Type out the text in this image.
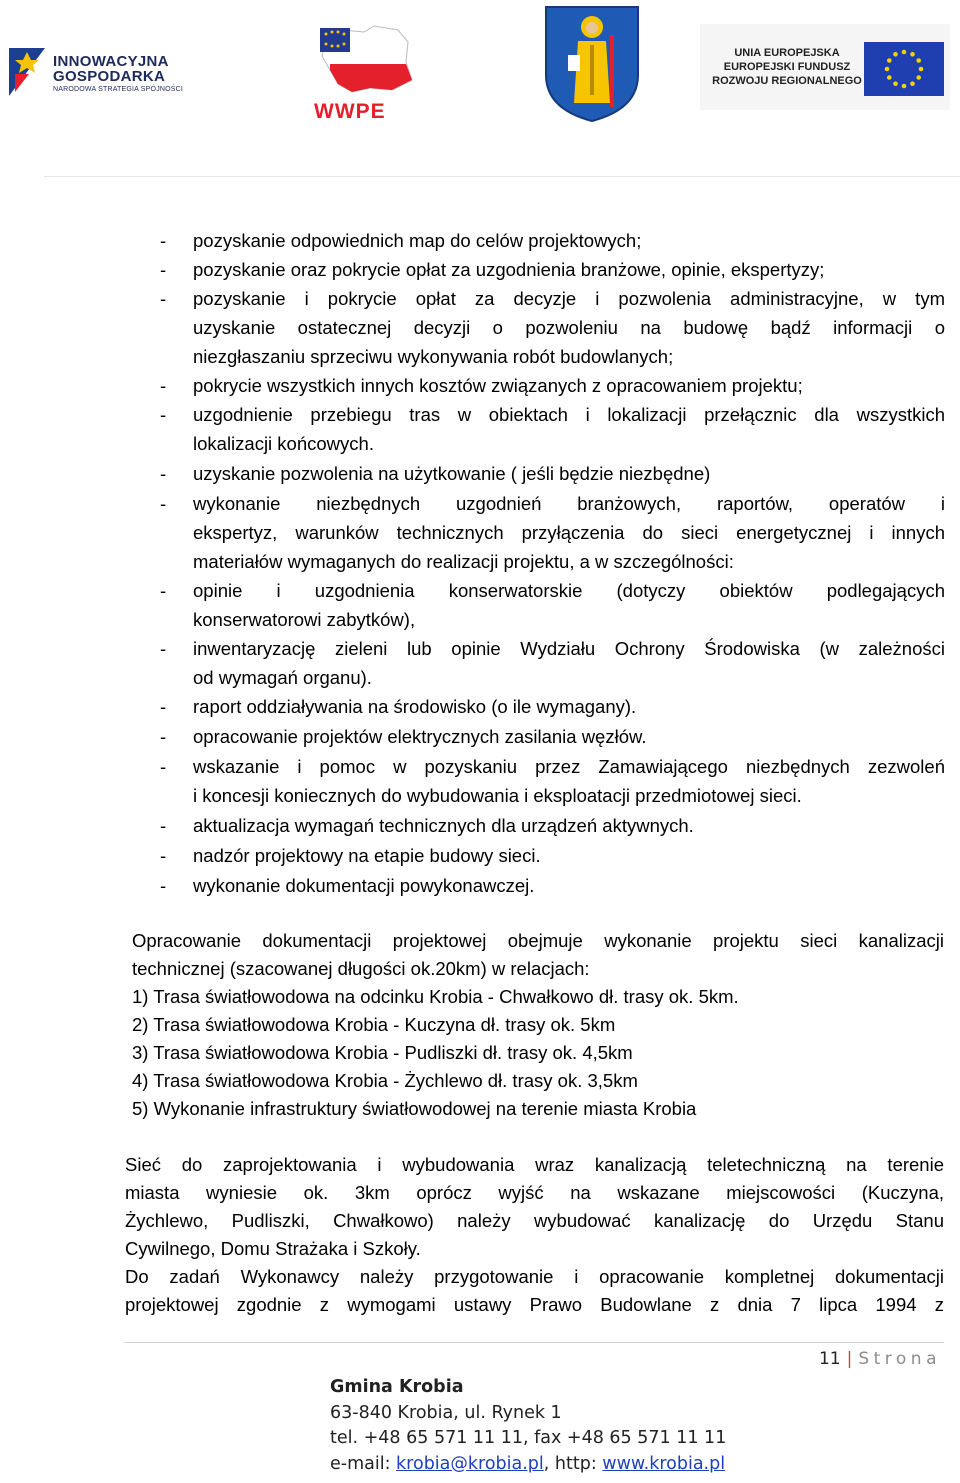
INNOWACYJNA
GOSPODARKA
NARODOWA STRATEGIA SPÓJNOŚCI
WWPE
UNIA EUROPEJSKA
EUROPEJSKI FUNDUSZ
ROZWOJU REGIONALNEGO
- pozyskanie odpowiednich map do celów projektowych;
- pozyskanie oraz pokrycie opłat za uzgodnienia branżowe, opinie, ekspertyzy;
- pozyskanie i pokrycie opłat za decyzje i pozwolenia administracyjne, w tym
uzyskanie ostatecznej decyzji o pozwoleniu na budowę bądź informacji o
niezgłaszaniu sprzeciwu wykonywania robót budowlanych;
- pokrycie wszystkich innych kosztów związanych z opracowaniem projektu;
- uzgodnienie przebiegu tras w obiektach i lokalizacji przełącznic dla wszystkich
lokalizacji końcowych.
- uzyskanie pozwolenia na użytkowanie ( jeśli będzie niezbędne)
- wykonanie niezbędnych uzgodnień branżowych, raportów, operatów i
ekspertyz, warunków technicznych przyłączenia do sieci energetycznej i innych
materiałów wymaganych do realizacji projektu, a w szczególności:
- opinie i uzgodnienia konserwatorskie (dotyczy obiektów podlegających
konserwatorowi zabytków),
- inwentaryzację zieleni lub opinie Wydziału Ochrony Środowiska (w zależności
od wymagań organu).
- raport oddziaływania na środowisko (o ile wymagany).
- opracowanie projektów elektrycznych zasilania węzłów.
- wskazanie i pomoc w pozyskaniu przez Zamawiającego niezbędnych zezwoleń
i koncesji koniecznych do wybudowania i eksploatacji przedmiotowej sieci.
- aktualizacja wymagań technicznych dla urządzeń aktywnych.
- nadzór projektowy na etapie budowy sieci.
- wykonanie dokumentacji powykonawczej.
Opracowanie dokumentacji projektowej obejmuje wykonanie projektu sieci kanalizacji
technicznej (szacowanej długości ok.20km) w relacjach:
1) Trasa światłowodowa na odcinku Krobia - Chwałkowo dł. trasy ok. 5km.
2) Trasa światłowodowa Krobia - Kuczyna dł. trasy ok. 5km
3) Trasa światłowodowa Krobia - Pudliszki dł. trasy ok. 4,5km
4) Trasa światłowodowa Krobia - Żychlewo dł. trasy ok. 3,5km
5) Wykonanie infrastruktury światłowodowej na terenie miasta Krobia
Sieć do zaprojektowania i wybudowania wraz kanalizacją teletechniczną na terenie
miasta wyniesie ok. 3km oprócz wyjść na wskazane miejscowości (Kuczyna,
Żychlewo, Pudliszki, Chwałkowo) należy wybudować kanalizację do Urzędu Stanu
Cywilnego, Domu Strażaka i Szkoły.
Do zadań Wykonawcy należy przygotowanie i opracowanie kompletnej dokumentacji
projektowej zgodnie z wymogami ustawy Prawo Budowlane z dnia 7 lipca 1994 z
11 | Strona
Gmina Krobia
63-840 Krobia, ul. Rynek 1
tel. +48 65 571 11 11, fax +48 65 571 11 11
e-mail: krobia@krobia.pl, http: www.krobia.pl
